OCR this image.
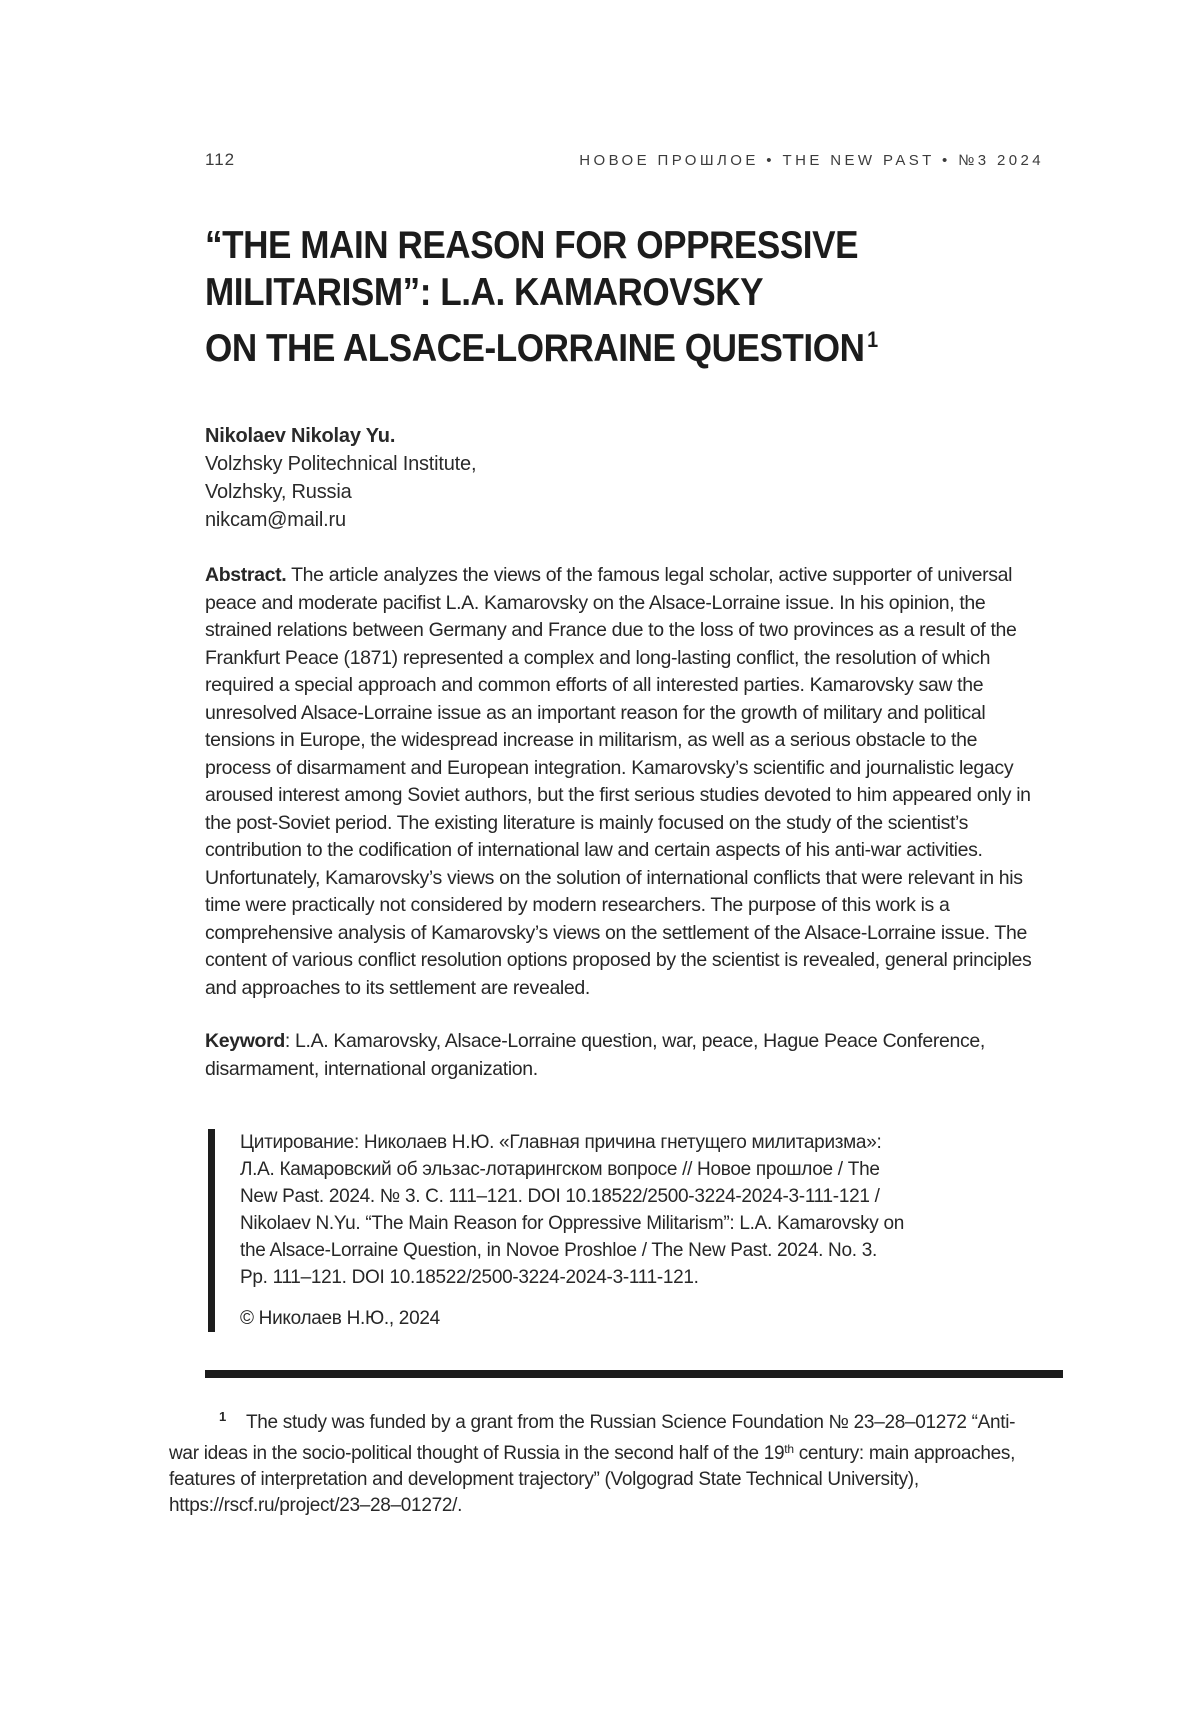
112	НОВОЕ ПРОШЛОЕ • THE NEW PAST • №3 2024
“THE MAIN REASON FOR OPPRESSIVE
MILITARISM”: L.A. KAMAROVSKY
ON THE ALSACE-LORRAINE QUESTION $^1$
Nikolaev Nikolay Yu.
Volzhsky Politechnical Institute,
Volzhsky, Russia
nikcam@mail.ru
Abstract. The article analyzes the views of the famous legal scholar, active supporter of universal peace and moderate pacifist L.A. Kamarovsky on the Alsace-Lorraine issue. In his opinion, the strained relations between Germany and France due to the loss of two provinces as a result of the Frankfurt Peace (1871) represented a complex and long-lasting conflict, the resolution of which required a special approach and common efforts of all interested parties. Kamarovsky saw the unresolved Alsace-Lorraine issue as an important reason for the growth of military and political tensions in Europe, the widespread increase in militarism, as well as a serious obstacle to the process of disarmament and European integration. Kamarovsky’s scientific and journalistic legacy aroused interest among Soviet authors, but the first serious studies devoted to him appeared only in the post-Soviet period. The existing literature is mainly focused on the study of the scientist’s contribution to the codification of international law and certain aspects of his anti-war activities. Unfortunately, Kamarovsky’s views on the solution of international conflicts that were relevant in his time were practically not considered by modern researchers. The purpose of this work is a comprehensive analysis of Kamarovsky’s views on the settlement of the Alsace-Lorraine issue. The content of various conflict resolution options proposed by the scientist is revealed, general principles and approaches to its settlement are revealed.
Keyword: L.A. Kamarovsky, Alsace-Lorraine question, war, peace, Hague Peace Conference, disarmament, international organization.

Цитирование: Николаев Н.Ю. «Главная причина гнетущего милитаризма»: Л.А. Камаровский об эльзас-лотарингском вопросе // Новое прошлое / The New Past. 2024. № 3. С. 111–121. DOI 10.18522/2500-3224-2024-3-111-121 / Nikolaev N.Yu. “The Main Reason for Oppressive Militarism”: L.A. Kamarovsky on the Alsace-Lorraine Question, in Novoe Proshloe / The New Past. 2024. No. 3. Pp. 111–121. DOI 10.18522/2500-3224-2024-3-111-121.

© Николаев Н.Ю., 2024

$^1$ The study was funded by a grant from the Russian Science Foundation № 23–28–01272 “Anti-war ideas in the socio-political thought of Russia in the second half of the 19th century: main approaches, features of interpretation and development trajectory” (Volgograd State Technical University), https://rscf.ru/project/23–28–01272/.
